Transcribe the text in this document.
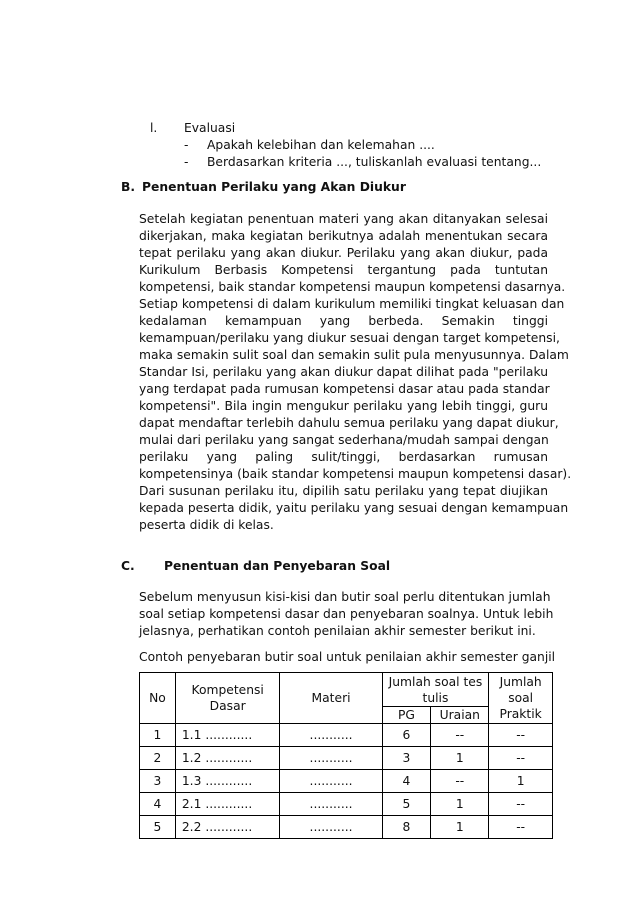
l. Evaluasi
- Apakah kelebihan dan kelemahan ....
- Berdasarkan kriteria ..., tuliskanlah evaluasi tentang...
B. Penentuan Perilaku yang Akan Diukur
Setelah kegiatan penentuan materi yang akan ditanyakan selesai
dikerjakan, maka kegiatan berikutnya adalah menentukan secara
tepat perilaku yang akan diukur. Perilaku yang akan diukur, pada
Kurikulum Berbasis Kompetensi tergantung pada tuntutan
kompetensi, baik standar kompetensi maupun kompetensi dasarnya.
Setiap kompetensi di dalam kurikulum memiliki tingkat keluasan dan
kedalaman kemampuan yang berbeda. Semakin tinggi
kemampuan/perilaku yang diukur sesuai dengan target kompetensi,
maka semakin sulit soal dan semakin sulit pula menyusunnya. Dalam
Standar Isi, perilaku yang akan diukur dapat dilihat pada "perilaku
yang terdapat pada rumusan kompetensi dasar atau pada standar
kompetensi". Bila ingin mengukur perilaku yang lebih tinggi, guru
dapat mendaftar terlebih dahulu semua perilaku yang dapat diukur,
mulai dari perilaku yang sangat sederhana/mudah sampai dengan
perilaku yang paling sulit/tinggi, berdasarkan rumusan
kompetensinya (baik standar kompetensi maupun kompetensi dasar).
Dari susunan perilaku itu, dipilih satu perilaku yang tepat diujikan
kepada peserta didik, yaitu perilaku yang sesuai dengan kemampuan
peserta didik di kelas.
C. Penentuan dan Penyebaran Soal
Sebelum menyusun kisi-kisi dan butir soal perlu ditentukan jumlah
soal setiap kompetensi dasar dan penyebaran soalnya. Untuk lebih
jelasnya, perhatikan contoh penilaian akhir semester berikut ini.
Contoh penyebaran butir soal untuk penilaian akhir semester ganjil
No	Kompetensi Dasar	Materi	Jumlah soal tes tulis		Jumlah soal Praktik
			PG	Uraian	
1	1.1 ............	...........	6	--	--
2	1.2 ............	...........	3	1	--
3	1.3 ............	...........	4	--	1
4	2.1 ............	...........	5	1	--
5	2.2 ............	...........	8	1	--
